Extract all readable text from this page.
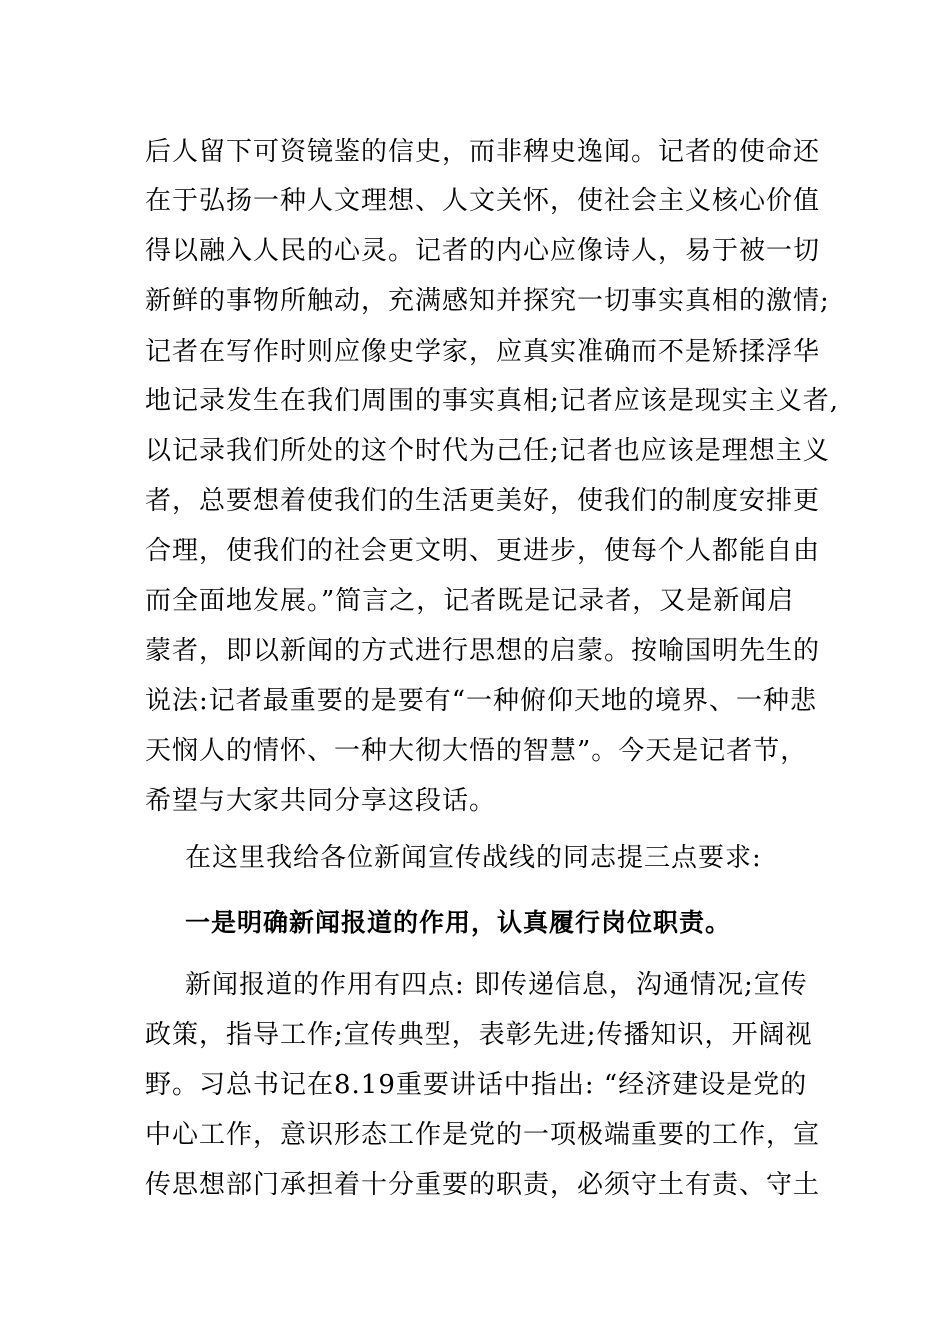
后人留下可资镜鉴的信史，而非稗史逸闻。记者的使命还
在于弘扬一种人文理想、人文关怀，使社会主义核心价值
得以融入人民的心灵。记者的内心应像诗人，易于被一切
新鲜的事物所触动，充满感知并探究一切事实真相的激情;
记者在写作时则应像史学家，应真实准确而不是矫揉浮华
地记录发生在我们周围的事实真相;记者应该是现实主义者,
以记录我们所处的这个时代为己任;记者也应该是理想主义
者，总要想着使我们的生活更美好，使我们的制度安排更
合理，使我们的社会更文明、更进步，使每个人都能自由
而全面地发展。”简言之，记者既是记录者，又是新闻启
蒙者，即以新闻的方式进行思想的启蒙。按喻国明先生的
说法:记者最重要的是要有“一种俯仰天地的境界、一种悲
天悯人的情怀、一种大彻大悟的智慧”。今天是记者节，
希望与大家共同分享这段话。
在这里我给各位新闻宣传战线的同志提三点要求:
一是明确新闻报道的作用，认真履行岗位职责。
新闻报道的作用有四点: 即传递信息，沟通情况;宣传
政策，指导工作;宣传典型，表彰先进;传播知识，开阔视
野。习总书记在8.19重要讲话中指出: “经济建设是党的
中心工作，意识形态工作是党的一项极端重要的工作，宣
传思想部门承担着十分重要的职责，必须守土有责、守土
